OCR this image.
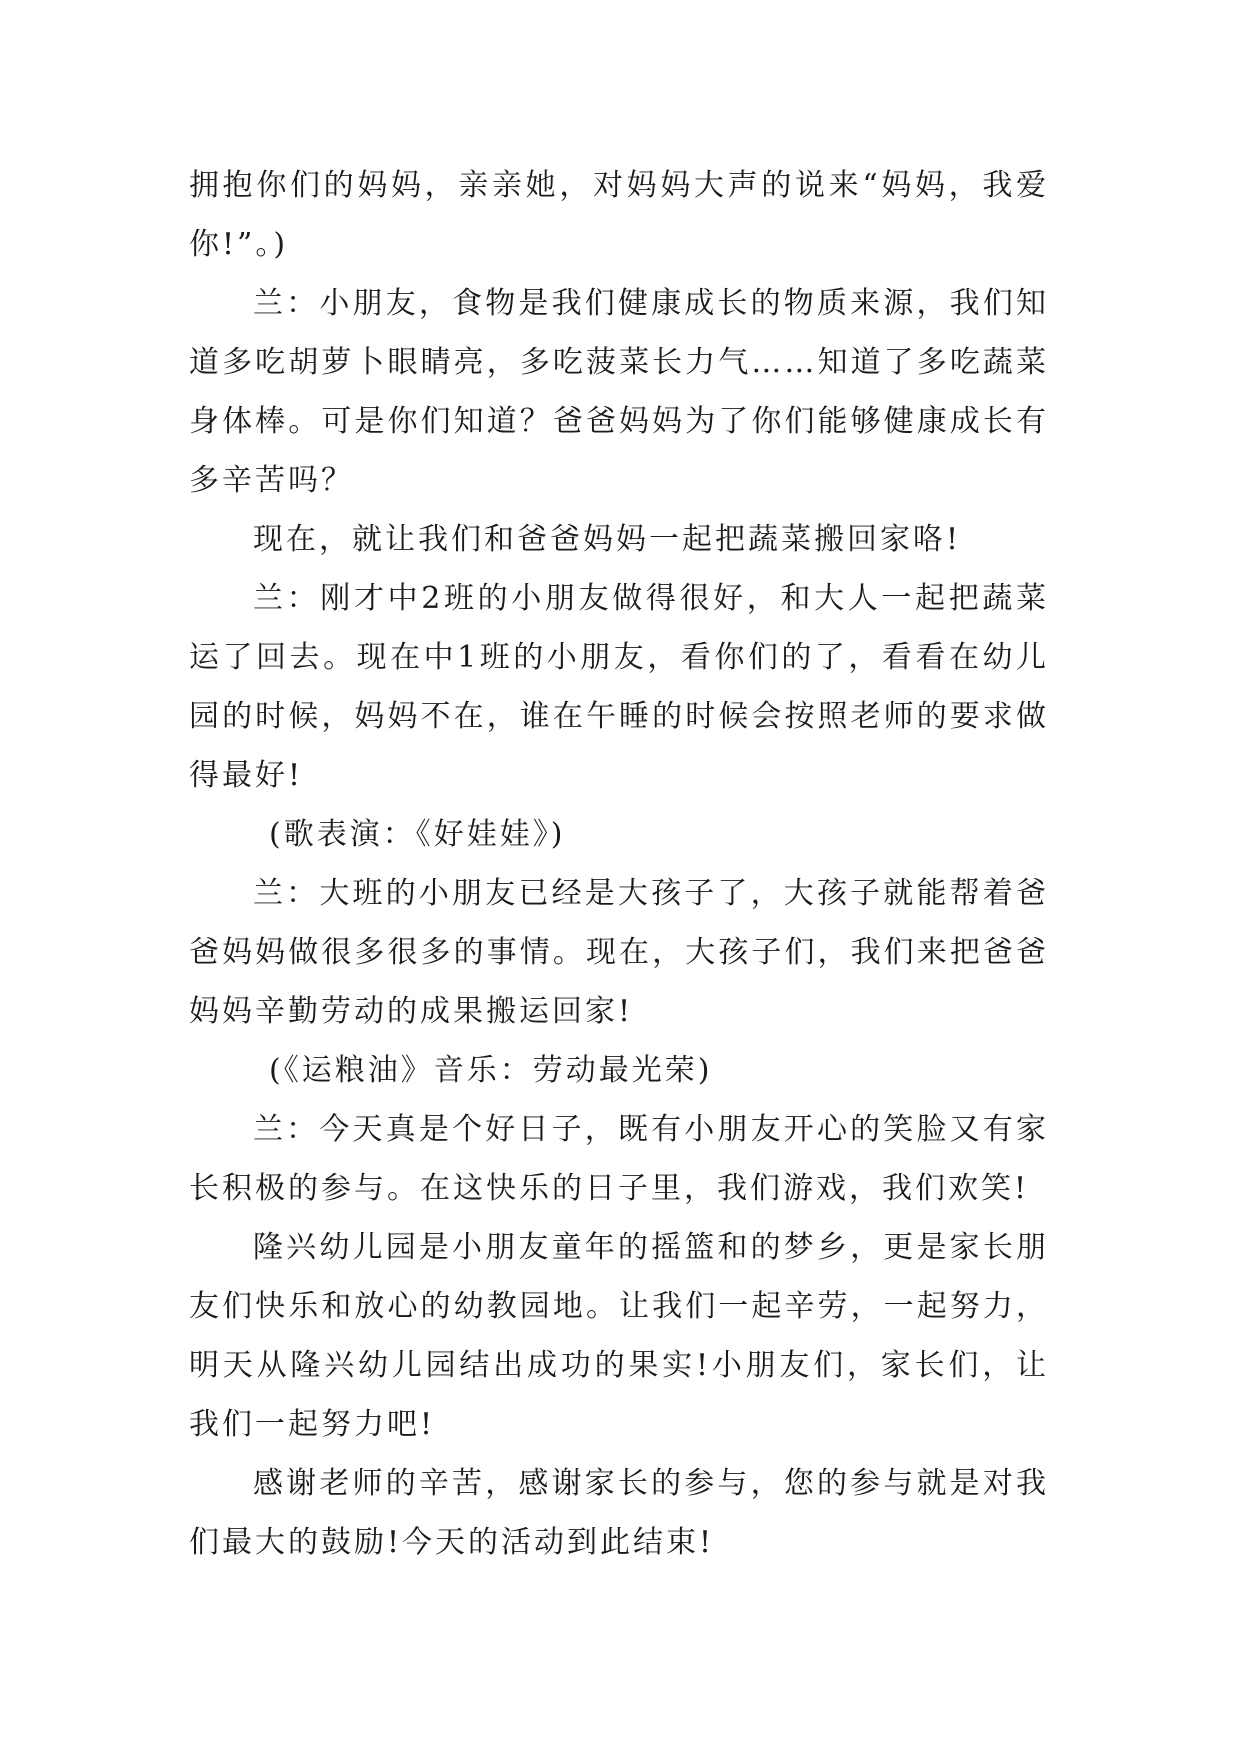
拥抱你们的妈妈，亲亲她，对妈妈大声的说来“妈妈，我爱你!”。)

兰：小朋友，食物是我们健康成长的物质来源，我们知道多吃胡萝卜眼睛亮，多吃菠菜长力气……知道了多吃蔬菜身体棒。可是你们知道？爸爸妈妈为了你们能够健康成长有多辛苦吗？

现在，就让我们和爸爸妈妈一起把蔬菜搬回家咯!

兰：刚才中2班的小朋友做得很好，和大人一起把蔬菜运了回去。现在中1班的小朋友，看你们的了，看看在幼儿园的时候，妈妈不在，谁在午睡的时候会按照老师的要求做得最好!

(歌表演：《好娃娃》)

兰：大班的小朋友已经是大孩子了，大孩子就能帮着爸爸妈妈做很多很多的事情。现在，大孩子们，我们来把爸爸妈妈辛勤劳动的成果搬运回家!

(《运粮油》音乐：劳动最光荣)

兰：今天真是个好日子，既有小朋友开心的笑脸又有家长积极的参与。在这快乐的日子里，我们游戏，我们欢笑!

隆兴幼儿园是小朋友童年的摇篮和的梦乡，更是家长朋友们快乐和放心的幼教园地。让我们一起辛劳，一起努力，明天从隆兴幼儿园结出成功的果实!小朋友们，家长们，让我们一起努力吧!

感谢老师的辛苦，感谢家长的参与，您的参与就是对我们最大的鼓励!今天的活动到此结束!
